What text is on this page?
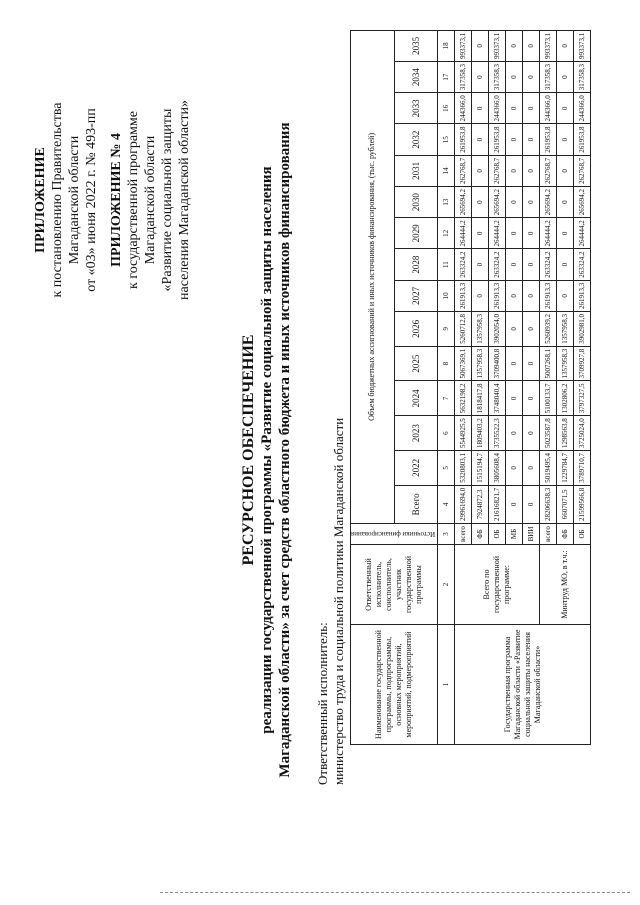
ПРИЛОЖЕНИЕ к постановлению Правительства Магаданской области от «03» июня 2022 г. № 493-пп ПРИЛОЖЕНИЕ № 4 к государственной программе Магаданской области «Развитие социальной защиты населения Магаданской области»
РЕСУРСНОЕ ОБЕСПЕЧЕНИЕ реализации государственной программы «Развитие социальной защиты населения Магаданской области» за счет средств областного бюджета и иных источников финансирования Ответственный исполнитель: министерство труда и социальной политики Магаданской области	Наименование государственной программы, подпрограммы, основных мероприятий, мероприятий, подмероприятий	Ответственный исполнитель, соисполнитель, участник государственной программы	Источники финансирования	Объем бюджетных ассигнований и иных источников финансирования, (тыс. рублей)														
			Всего	2022	2023	2024	2025	2026	2027	2028	2029	2030	2031	2032	2033	2034	2035
1	2	3	4	5	6	7	8	9	10	11	12	13	14	15	16	17	18
Государственная программа Магаданской области «Развитие социальной защиты населения Магаданской области»	Всего по государственной программе:	всего	29961694,0	5320803,1	5544925,5	5632198,2	5067369,1	5260712,8	261913,3	263324,2	264444,2	265694,2	262768,7	261953,8	244366,0	317358,3	993373,1
		ФБ	7924872,3	1515194,7	1809403,2	1818417,8	1357958,3	1357958,3	0	0	0	0	0	0	0	0	0
		ОБ	21616821,7	3805608,4	3735522,3	3748040,4	3709400,8	3902054,0	261913,3	263324,2	264444,2	265694,2	262768,7	261953,8	244366,0	317358,3	993373,1
		МБ	0	0	0	0	0	0	0	0	0	0	0	0	0	0	0
		ВИИ	0	0	0	0	0	0	0	0	0	0	0	0	0	0	0
	Минтруд МО, в т.ч.:	всего	28206638,3	5019495,4	5023587,8	5100133,7	5007268,1	5260939,2	261913,3	263324,2	264444,2	265694,2	262768,7	261953,8	244366,0	317358,3	993373,1
		ФБ	6607071,5	1229784,7	1298563,8	1302806,2	1357958,3	1357958,3	0	0	0	0	0	0	0	0	0
		ОБ	21599566,8	3789710,7	3725024,0	3797327,5	3709927,8	3902981,0	261913,3	263324,2	264444,2	265694,2	262768,7	261953,8	244366,0	317358,3	993373,1
